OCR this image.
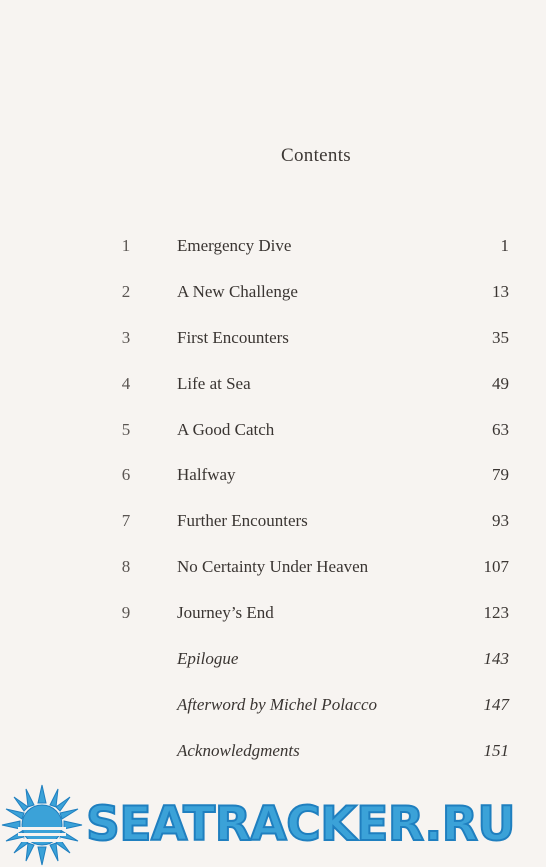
Contents
1	Emergency Dive	1
2	A New Challenge	13
3	First Encounters	35
4	Life at Sea	49
5	A Good Catch	63
6	Halfway	79
7	Further Encounters	93
8	No Certainty Under Heaven	107
9	Journey’s End	123
Epilogue	143
Afterword by Michel Polacco	147
Acknowledgments	151
SEATRACKER.RU
